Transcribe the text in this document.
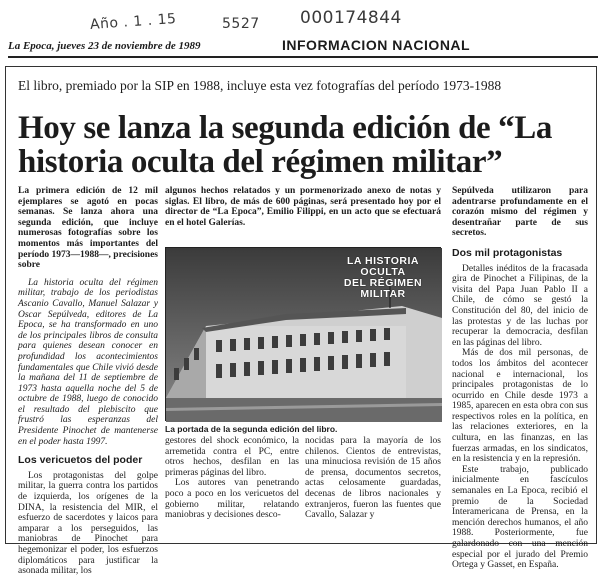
Año . 1 . 15	5527 000174844
La Epoca, jueves 23 de noviembre de 1989	INFORMACION NACIONAL
El libro, premiado por la SIP en 1988, incluye esta vez fotografías del período 1973-1988
Hoy se lanza la segunda edición de “La
historia oculta del régimen militar”

La primera edición de 12 mil ejemplares se agotó en pocas semanas. Se lanza ahora una segunda edición, que incluye numerosas fotografías sobre los momentos más importantes del período 1973—1988—, precisiones sobre

La historia oculta del régimen militar, trabajo de los periodistas Ascanio Cavallo, Manuel Salazar y Oscar Sepúlveda, editores de La Epoca, se ha transformado en uno de los principales libros de consulta para quienes desean conocer en profundidad los acontecimientos fundamentales que Chile vivió desde la mañana del 11 de septiembre de 1973 hasta aquella noche del 5 de octubre de 1988, luego de conocido el resultado del plebiscito que frustró las esperanzas del Presidente Pinochet de mantenerse en el poder hasta 1997.

Los vericuetos del poder

Los protagonistas del golpe militar, la guerra contra los partidos de izquierda, los orígenes de la DINA, la resistencia del MIR, el esfuerzo de sacerdotes y laicos para amparar a los perseguidos, las maniobras de Pinochet para hegemonizar el poder, los esfuerzos diplomáticos para justificar la asonada militar, los

algunos hechos relatados y un pormenorizado anexo de notas y siglas. El libro, de más de 600 páginas, será presentado hoy por el director de “La Epoca”, Emilio Filippi, en un acto que se efectuará en el hotel Galerías.

LA HISTORIA OCULTA
DEL RÉGIMEN MILITAR
La portada de la segunda edición del libro.

gestores del shock económico, la arremetida contra el PC, entre otros hechos, desfilan en las primeras páginas del libro.

Los autores van penetrando poco a poco en los vericuetos del gobierno militar, relatando maniobras y decisiones desco-

nocidas para la mayoría de los chilenos. Cientos de entrevistas, una minuciosa revisión de 15 años de prensa, documentos secretos, actas celosamente guardadas, decenas de libros nacionales y extranjeros, fueron las fuentes que Cavallo, Salazar y

Sepúlveda utilizaron para adentrarse profundamente en el corazón mismo del régimen y desentrañar parte de sus secretos.

Dos mil protagonistas

Detalles inéditos de la fracasada gira de Pinochet a Filipinas, de la visita del Papa Juan Pablo II a Chile, de cómo se gestó la Constitución del 80, del inicio de las protestas y de las luchas por recuperar la democracia, desfilan en las páginas del libro.

Más de dos mil personas, de todos los ámbitos del acontecer nacional e internacional, los principales protagonistas de lo ocurrido en Chile desde 1973 a 1985, aparecen en esta obra con sus respectivos roles en la política, en las relaciones exteriores, en la cultura, en las finanzas, en las fuerzas armadas, en los sindicatos, en la resistencia y en la represión.

Este trabajo, publicado inicialmente en fascículos semanales en La Epoca, recibió el premio de la Sociedad Interamericana de Prensa, en la mención derechos humanos, el año 1988. Posteriormente, fue galardonado con una mención especial por el jurado del Premio Ortega y Gasset, en España.
